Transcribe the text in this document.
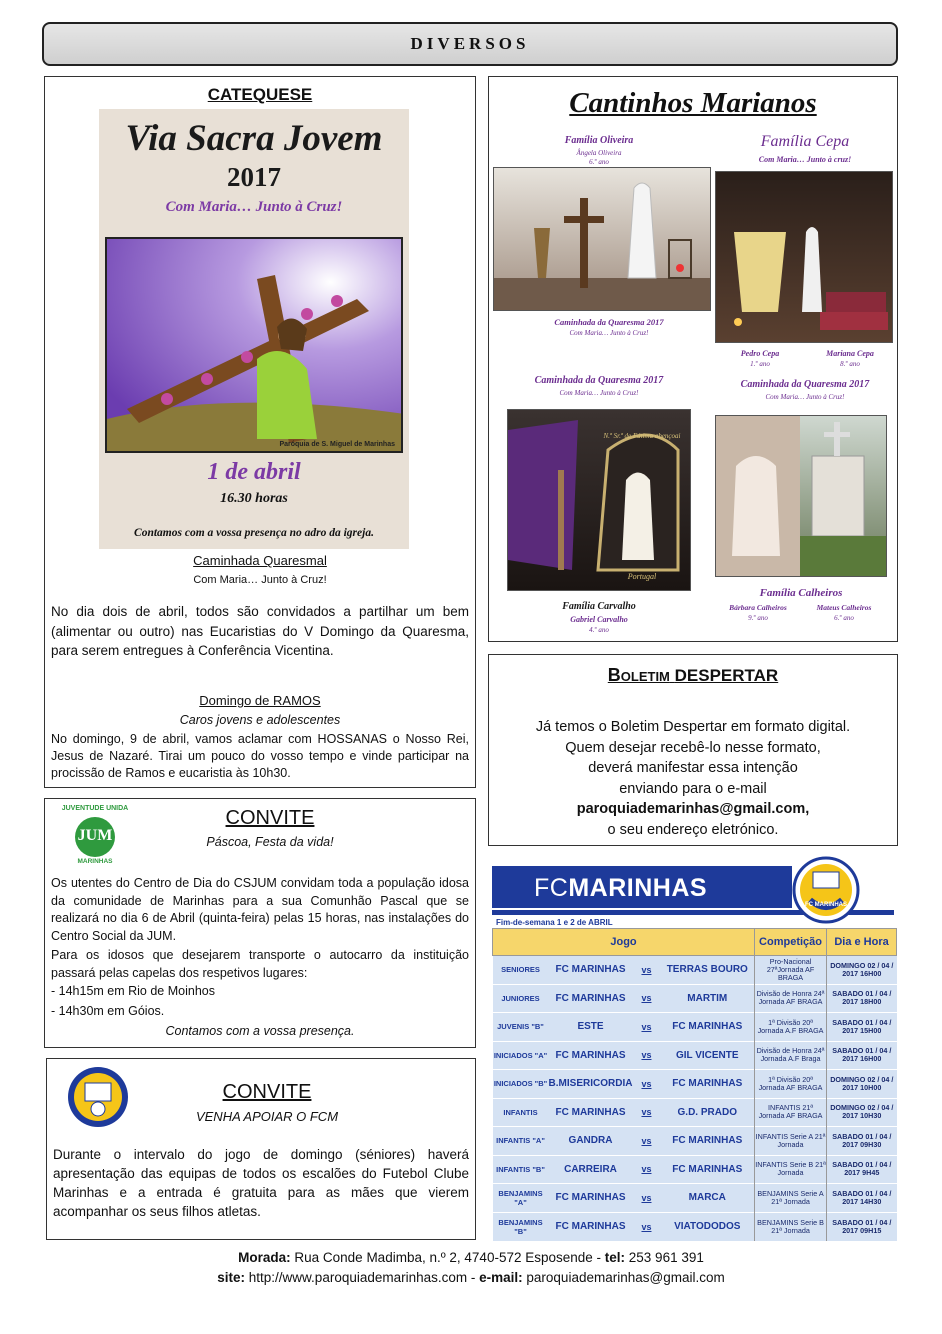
DIVERSOS
CATEQUESE
Via Sacra Jovem
2017
Com Maria… Junto à Cruz!
Paróquia de S. Miguel de Marinhas
1 de abril
16.30 horas
Contamos com a vossa presença no adro da igreja.
Caminhada Quaresmal
Com Maria… Junto à Cruz!
No dia dois de abril, todos são convidados a partilhar um bem (alimentar ou outro) nas Eucaristias do V Domingo da Quaresma, para serem entregues à Conferência Vicentina.
Domingo de RAMOS
Caros jovens e adolescentes
No domingo, 9 de abril, vamos aclamar com HOSSANAS o Nosso Rei, Jesus de Nazaré. Tirai um pouco do vosso tempo e vinde participar na procissão de Ramos e eucaristia às 10h30.
JUVENTUDE UNIDA
JUM
MARINHAS
CONVITE
Páscoa, Festa da vida!
Os utentes do Centro de Dia do CSJUM convidam toda a população idosa da comunidade de Marinhas para a sua Comunhão Pascal que se realizará no dia 6 de Abril (quinta-feira) pelas 15 horas, nas instalações do Centro Social da JUM.
Para os idosos que desejarem transporte o autocarro da instituição passará pelas capelas dos respetivos lugares:
- 14h15m em Rio de Moinhos
- 14h30m em Góios.
Contamos com a vossa presença.
CONVITE
VENHA APOIAR O FCM
Durante o intervalo do jogo de domingo (séniores) haverá apresentação das equipas de todos os escalões do Futebol Clube Marinhas e a entrada é gratuita para as mães que vierem acompanhar os seus filhos atletas.
Cantinhos Marianos
Família Oliveira
Ângela Oliveira
6.º ano
Caminhada da Quaresma 2017
Com Maria… Junto à Cruz!
Família Cepa
Com Maria… Junto à cruz!
Pedro Cepa
1.º ano
Mariana Cepa
8.º ano
Caminhada da Quaresma 2017
Com Maria… Junto à Cruz!
N.ª Sr.ª de Fátima abençoai
Portugal
Família Carvalho
Gabriel Carvalho
4.º ano
Caminhada da Quaresma 2017
Com Maria… Junto à Cruz!
Família Calheiros
Bárbara Calheiros
9.º ano
Mateus Calheiros
6.º ano
Boletim DESPERTAR
Já temos o Boletim Despertar em formato digital.
Quem desejar recebê-lo nesse formato,
deverá manifestar essa intenção
enviando para o e-mail
paroquiademarinhas@gmail.com,
o seu endereço eletrónico.
FCMARINHAS
FC MARINHAS
Fim-de-semana 1 e 2 de ABRIL
Jogo				Competição	Dia e Hora
SENIORES	FC MARINHAS	vs	TERRAS BOURO	Pro-Nacional 27ªJornada AF BRAGA	DOMINGO 02 / 04 / 2017 16H00
JUNIORES	FC MARINHAS	vs	MARTIM	Divisão de Honra 24ª Jornada AF BRAGA	SABADO 01 / 04 / 2017 18H00
JUVENIS "B"	ESTE	vs	FC MARINHAS	1ª Divisão 20ª Jornada A.F BRAGA	SABADO 01 / 04 / 2017 15H00
INICIADOS "A"	FC MARINHAS	vs	GIL VICENTE	Divisão de Honra 24ª Jornada A.F Braga	SABADO 01 / 04 / 2017 16H00
INICIADOS "B"	B.MISERICORDIA	vs	FC MARINHAS	1ª Divisão 20ª Jornada AF BRAGA	DOMINGO 02 / 04 / 2017 10H00
INFANTIS	FC MARINHAS	vs	G.D. PRADO	INFANTIS 21ª Jornada AF BRAGA	DOMINGO 02 / 04 / 2017 10H30
INFANTIS "A"	GANDRA	vs	FC MARINHAS	INFANTIS Serie A 21ª Jornada	SABADO 01 / 04 / 2017 09H30
INFANTIS "B"	CARREIRA	vs	FC MARINHAS	INFANTIS Serie B 21ª Jornada	SABADO 01 / 04 / 2017 9H45
BENJAMINS "A"	FC MARINHAS	vs	MARCA	BENJAMINS Serie A 21ª Jornada	SABADO 01 / 04 / 2017 14H30
BENJAMINS "B"	FC MARINHAS	vs	VIATODODOS	BENJAMINS Serie B 21ª Jornada	SABADO 01 / 04 / 2017 09H15
Morada: Rua Conde Madimba, n.º 2, 4740-572 Esposende - tel: 253 961 391
site: http://www.paroquiademarinhas.com - e-mail: paroquiademarinhas@gmail.com
